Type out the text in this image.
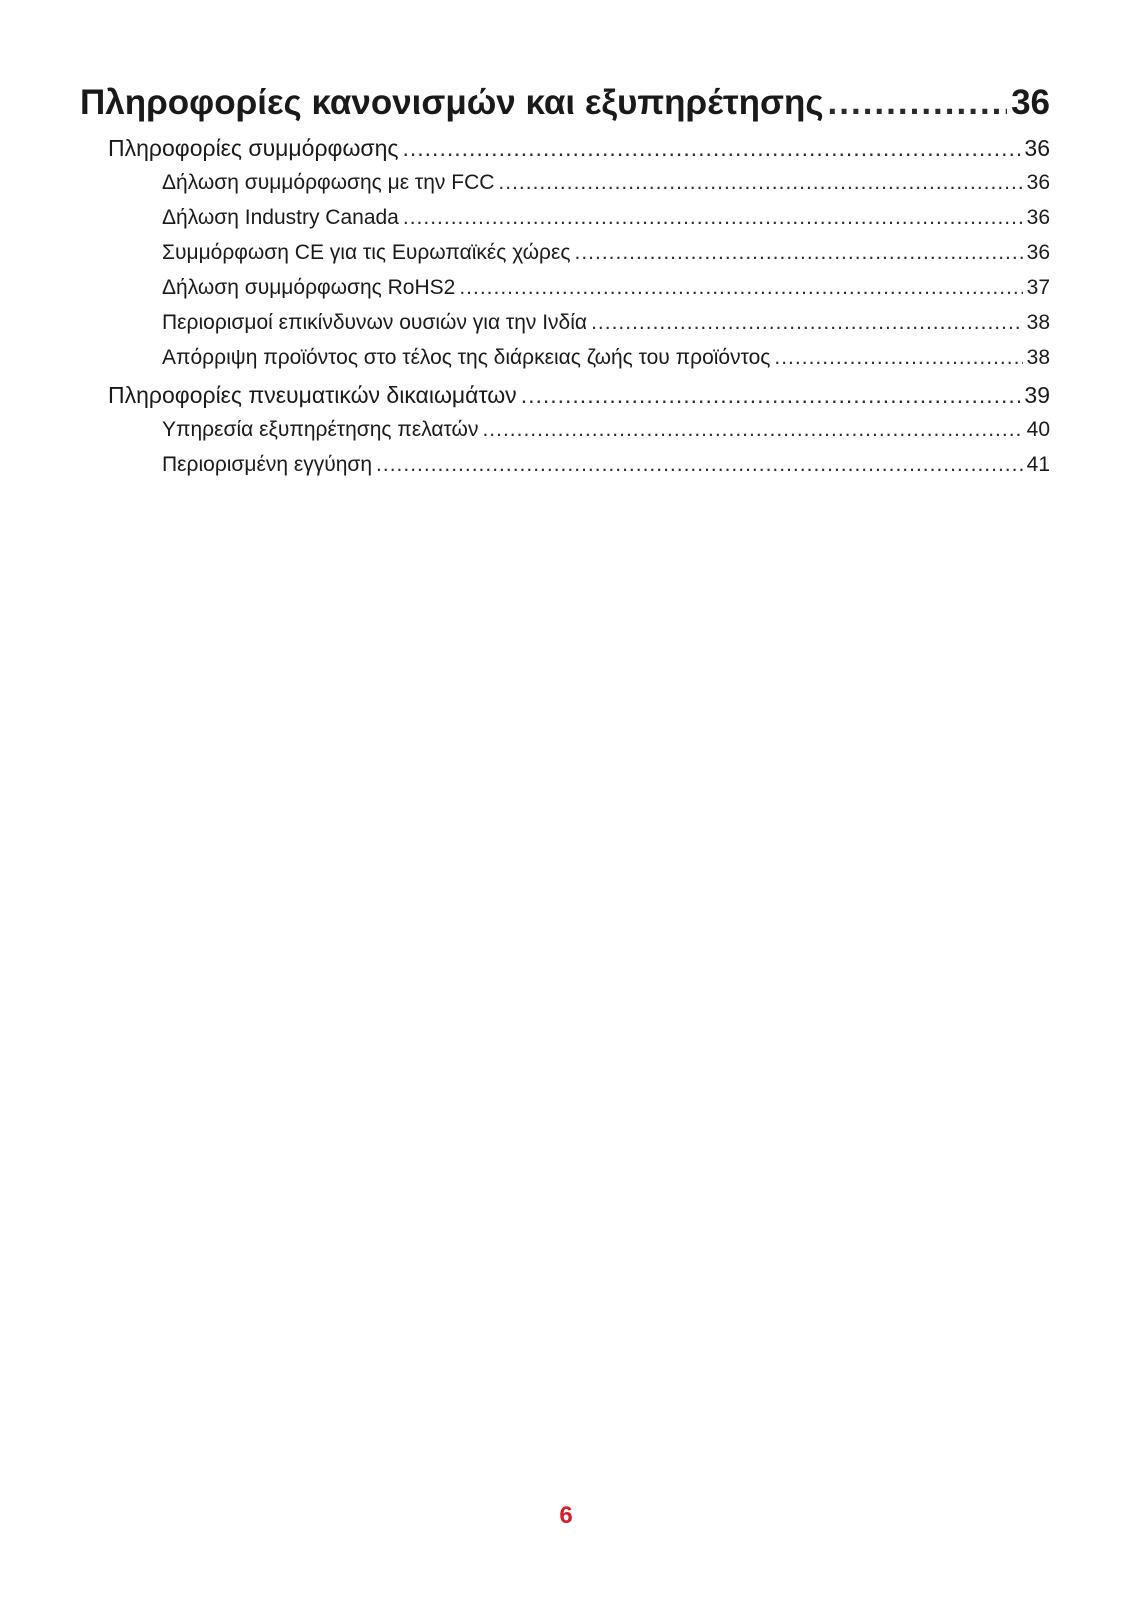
Πληροφορίες κανονισμών και εξυπηρέτησης .....	36
Πληροφορίες συμμόρφωσης .....	36
Δήλωση συμμόρφωσης με την FCC .....	36
Δήλωση Industry Canada .....	36
Συμμόρφωση CE για τις Ευρωπαϊκές χώρες .....	36
Δήλωση συμμόρφωσης RoHS2 .....	37
Περιορισμοί επικίνδυνων ουσιών για την Ινδία .....	38
Απόρριψη προϊόντος στο τέλος της διάρκειας ζωής του προϊόντος .....	38
Πληροφορίες πνευματικών δικαιωμάτων .....	39
Υπηρεσία εξυπηρέτησης πελατών .....	40
Περιορισμένη εγγύηση .....	41
6
